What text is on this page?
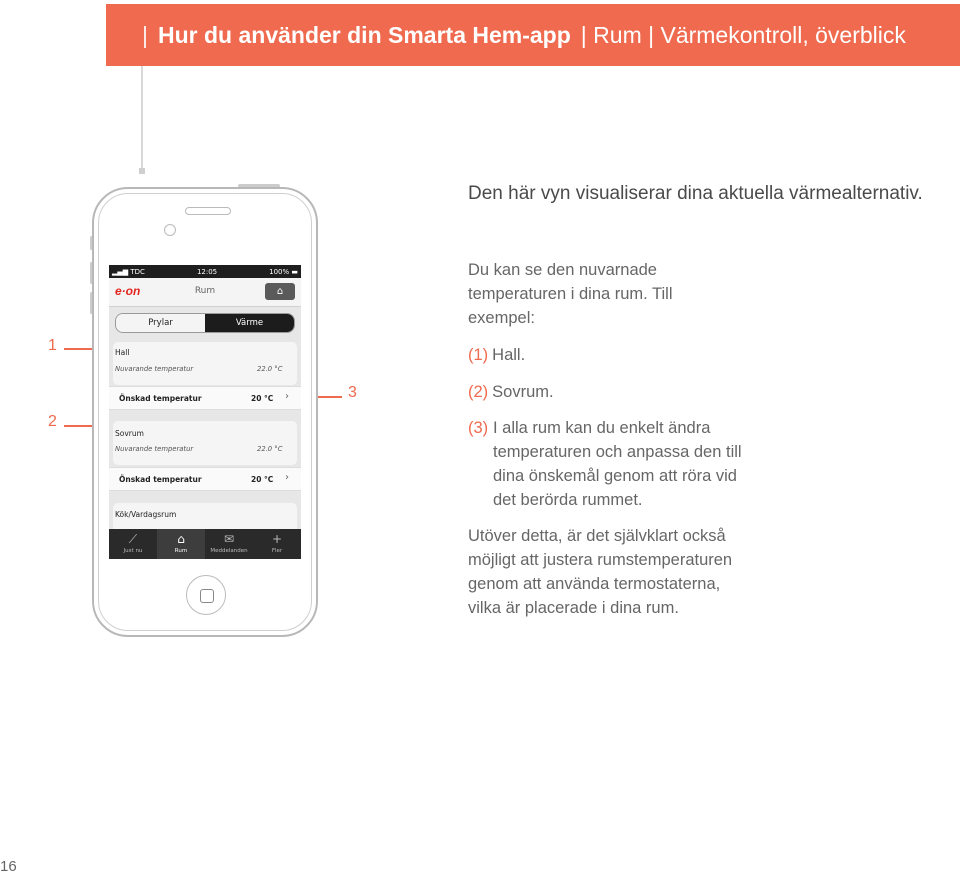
| Hur du använder din Smarta Hem-app | Rum | Värmekontroll, överblick
Den här vyn visualiserar dina aktuella värmealternativ.
Du kan se den nuvarnade temperaturen i dina rum. Till exempel:
(1) Hall.
(2) Sovrum.
(3) I alla rum kan du enkelt ändra temperaturen och anpassa den till dina önskemål genom att röra vid det berörda rummet.
Utöver detta, är det självklart också möjligt att justera rumstemperaturen genom att använda termostaterna, vilka är placerade i dina rum.
16
1
2
3
▂▄▆ TDC	12:05	100% ▬
e·on	Rum	⌂
Prylar	Värme
Hall
Nuvarande temperatur	22.0 °C
Önskad temperatur	20 °C ›
Sovrum
Nuvarande temperatur	22.0 °C
Önskad temperatur	20 °C ›
Kök/Vardagsrum
⟋
Just nu
⌂
Rum
✉
Meddelanden
+
Fler
